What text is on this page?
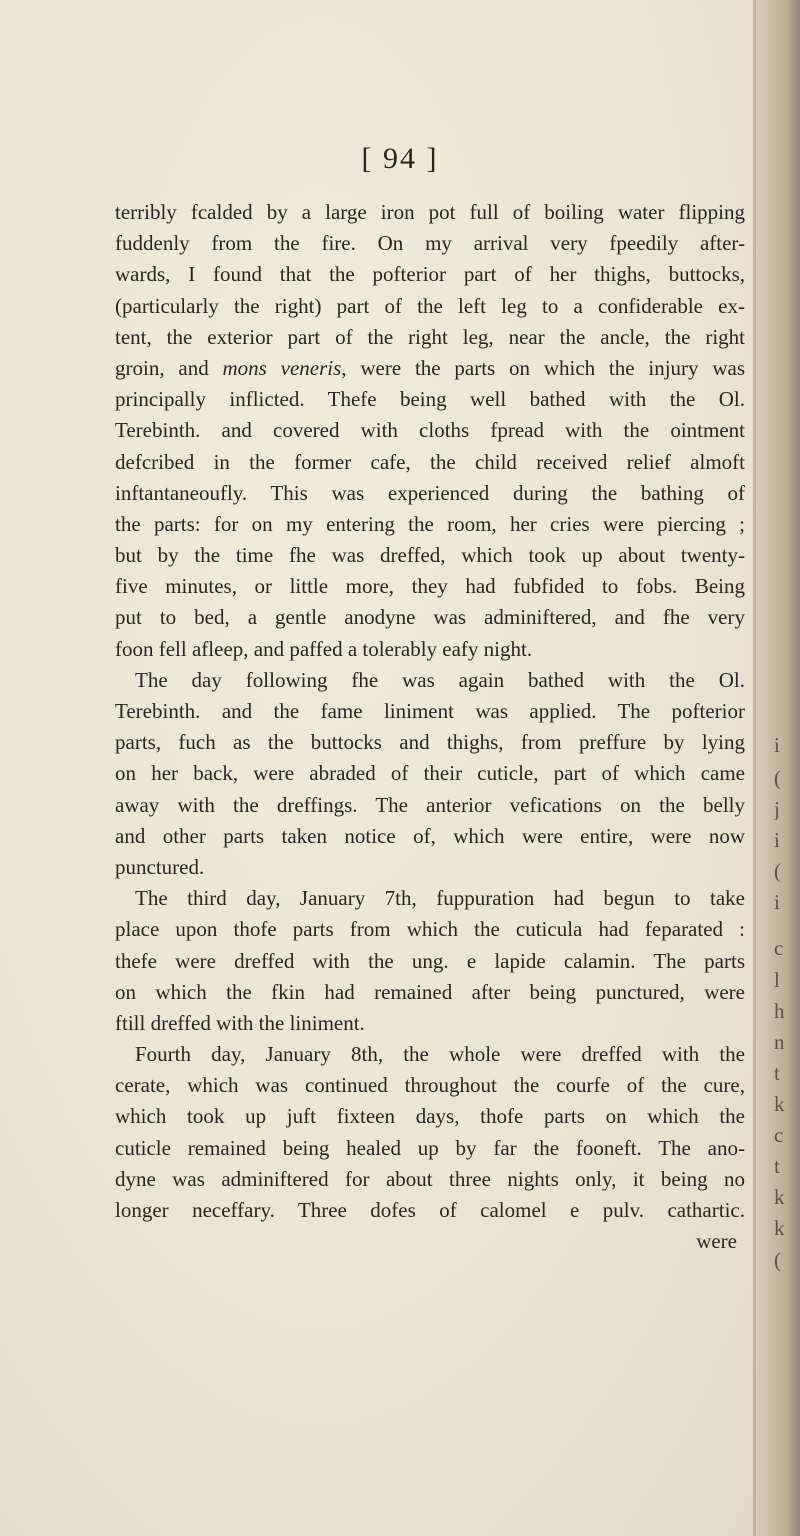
i
(
j
i
(
i
c
l
h
n
t
k
c
t
k
k
(
[ 94 ]
terribly fcalded by a large iron pot full of boiling water flipping
fuddenly from the fire. On my arrival very fpeedily after-
wards, I found that the pofterior part of her thighs, buttocks,
(particularly the right) part of the left leg to a confiderable ex-
tent, the exterior part of the right leg, near the ancle, the right
groin, and mons veneris, were the parts on which the injury was
principally inflicted. Thefe being well bathed with the Ol.
Terebinth. and covered with cloths fpread with the ointment
defcribed in the former cafe, the child received relief almoft
inftantaneoufly. This was experienced during the bathing of
the parts: for on my entering the room, her cries were piercing ;
but by the time fhe was dreffed, which took up about twenty-
five minutes, or little more, they had fubfided to fobs. Being
put to bed, a gentle anodyne was adminiftered, and fhe very
foon fell afleep, and paffed a tolerably eafy night.
The day following fhe was again bathed with the Ol.
Terebinth. and the fame liniment was applied. The pofterior
parts, fuch as the buttocks and thighs, from preffure by lying
on her back, were abraded of their cuticle, part of which came
away with the dreffings. The anterior vefications on the belly
and other parts taken notice of, which were entire, were now
punctured.
The third day, January 7th, fuppuration had begun to take
place upon thofe parts from which the cuticula had feparated :
thefe were dreffed with the ung. e lapide calamin. The parts
on which the fkin had remained after being punctured, were
ftill dreffed with the liniment.
Fourth day, January 8th, the whole were dreffed with the
cerate, which was continued throughout the courfe of the cure,
which took up juft fixteen days, thofe parts on which the
cuticle remained being healed up by far the fooneft. The ano-
dyne was adminiftered for about three nights only, it being no
longer neceffary. Three dofes of calomel e pulv. cathartic.
were
